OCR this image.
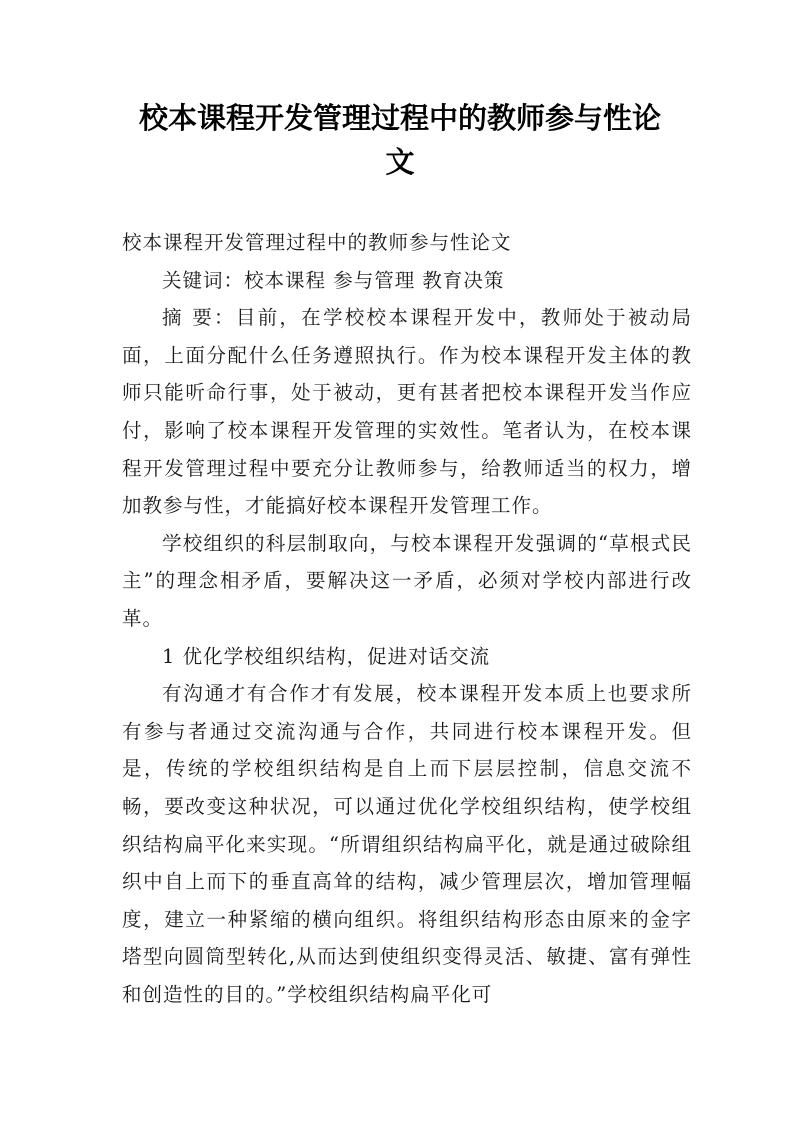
校本课程开发管理过程中的教师参与性论
文

校本课程开发管理过程中的教师参与性论文

关键词：校本课程 参与管理 教育决策

摘 要：目前，在学校校本课程开发中，教师处于被动局面，上面分配什么任务遵照执行。作为校本课程开发主体的教师只能听命行事，处于被动，更有甚者把校本课程开发当作应付，影响了校本课程开发管理的实效性。笔者认为，在校本课程开发管理过程中要充分让教师参与，给教师适当的权力，增加教参与性，才能搞好校本课程开发管理工作。

学校组织的科层制取向，与校本课程开发强调的“草根式民主”的理念相矛盾，要解决这一矛盾，必须对学校内部进行改革。

1 优化学校组织结构，促进对话交流

有沟通才有合作才有发展，校本课程开发本质上也要求所有参与者通过交流沟通与合作，共同进行校本课程开发。但是，传统的学校组织结构是自上而下层层控制，信息交流不畅，要改变这种状况，可以通过优化学校组织结构，使学校组织结构扁平化来实现。“所谓组织结构扁平化，就是通过破除组织中自上而下的垂直高耸的结构，减少管理层次，增加管理幅度，建立一种紧缩的横向组织。将组织结构形态由原来的金字塔型向圆筒型转化,从而达到使组织变得灵活、敏捷、富有弹性和创造性的目的。”学校组织结构扁平化可
